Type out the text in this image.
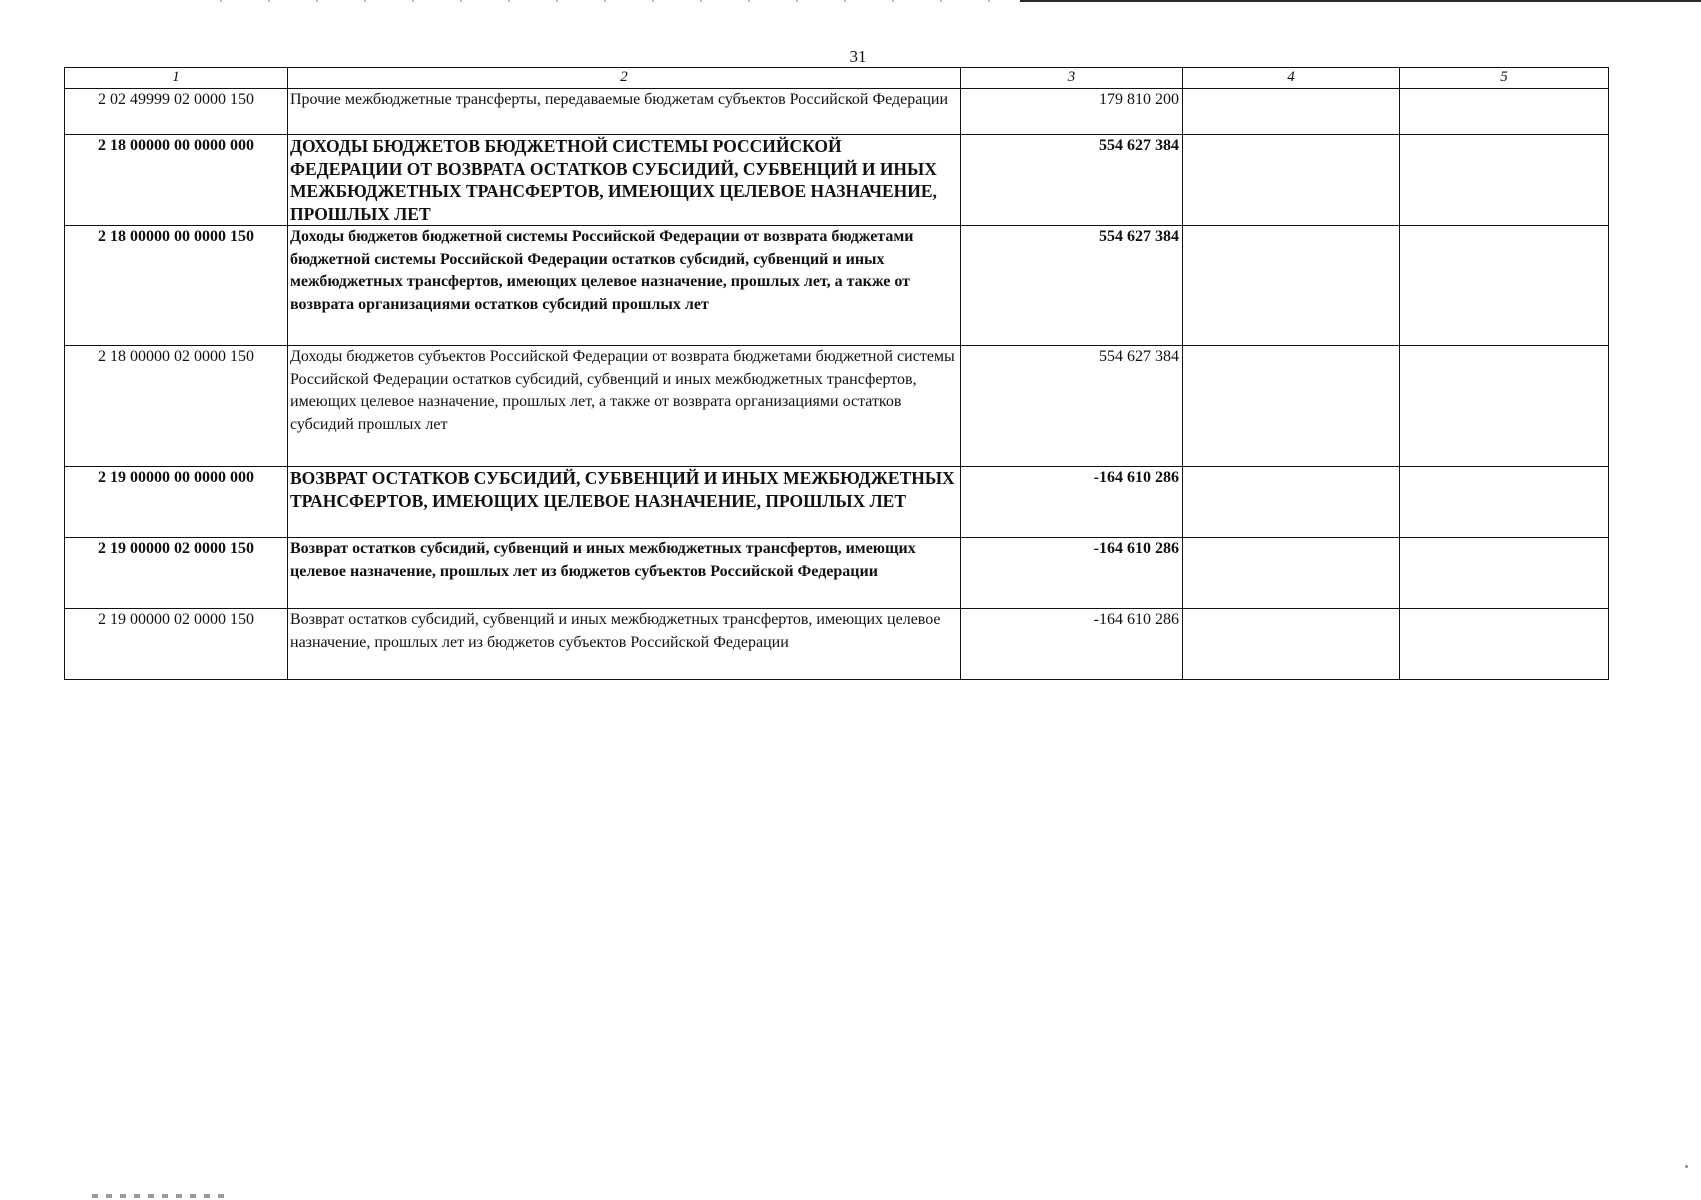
31
1	2	3	4	5
2 02 49999 02 0000 150	Прочие межбюджетные трансферты, передаваемые бюджетам субъектов Российской Федерации	179 810 200		
2 18 00000 00 0000 000	ДОХОДЫ БЮДЖЕТОВ БЮДЖЕТНОЙ СИСТЕМЫ РОССИЙСКОЙ ФЕДЕРАЦИИ ОТ ВОЗВРАТА ОСТАТКОВ СУБСИДИЙ, СУБВЕНЦИЙ И ИНЫХ МЕЖБЮДЖЕТНЫХ ТРАНСФЕРТОВ, ИМЕЮЩИХ ЦЕЛЕВОЕ НАЗНАЧЕНИЕ, ПРОШЛЫХ ЛЕТ	554 627 384		
2 18 00000 00 0000 150	Доходы бюджетов бюджетной системы Российской Федерации от возврата бюджетами бюджетной системы Российской Федерации остатков субсидий, субвенций и иных межбюджетных трансфертов, имеющих целевое назначение, прошлых лет, а также от возврата организациями остатков субсидий прошлых лет	554 627 384		
2 18 00000 02 0000 150	Доходы бюджетов субъектов Российской Федерации от возврата бюджетами бюджетной системы Российской Федерации остатков субсидий, субвенций и иных межбюджетных трансфертов, имеющих целевое назначение, прошлых лет, а также от возврата организациями остатков субсидий прошлых лет	554 627 384		
2 19 00000 00 0000 000	ВОЗВРАТ ОСТАТКОВ СУБСИДИЙ, СУБВЕНЦИЙ И ИНЫХ МЕЖБЮДЖЕТНЫХ ТРАНСФЕРТОВ, ИМЕЮЩИХ ЦЕЛЕВОЕ НАЗНАЧЕНИЕ, ПРОШЛЫХ ЛЕТ	-164 610 286		
2 19 00000 02 0000 150	Возврат остатков субсидий, субвенций и иных межбюджетных трансфертов, имеющих целевое назначение, прошлых лет из бюджетов субъектов Российской Федерации	-164 610 286		
2 19 00000 02 0000 150	Возврат остатков субсидий, субвенций и иных межбюджетных трансфертов, имеющих целевое назначение, прошлых лет из бюджетов субъектов Российской Федерации	-164 610 286		
